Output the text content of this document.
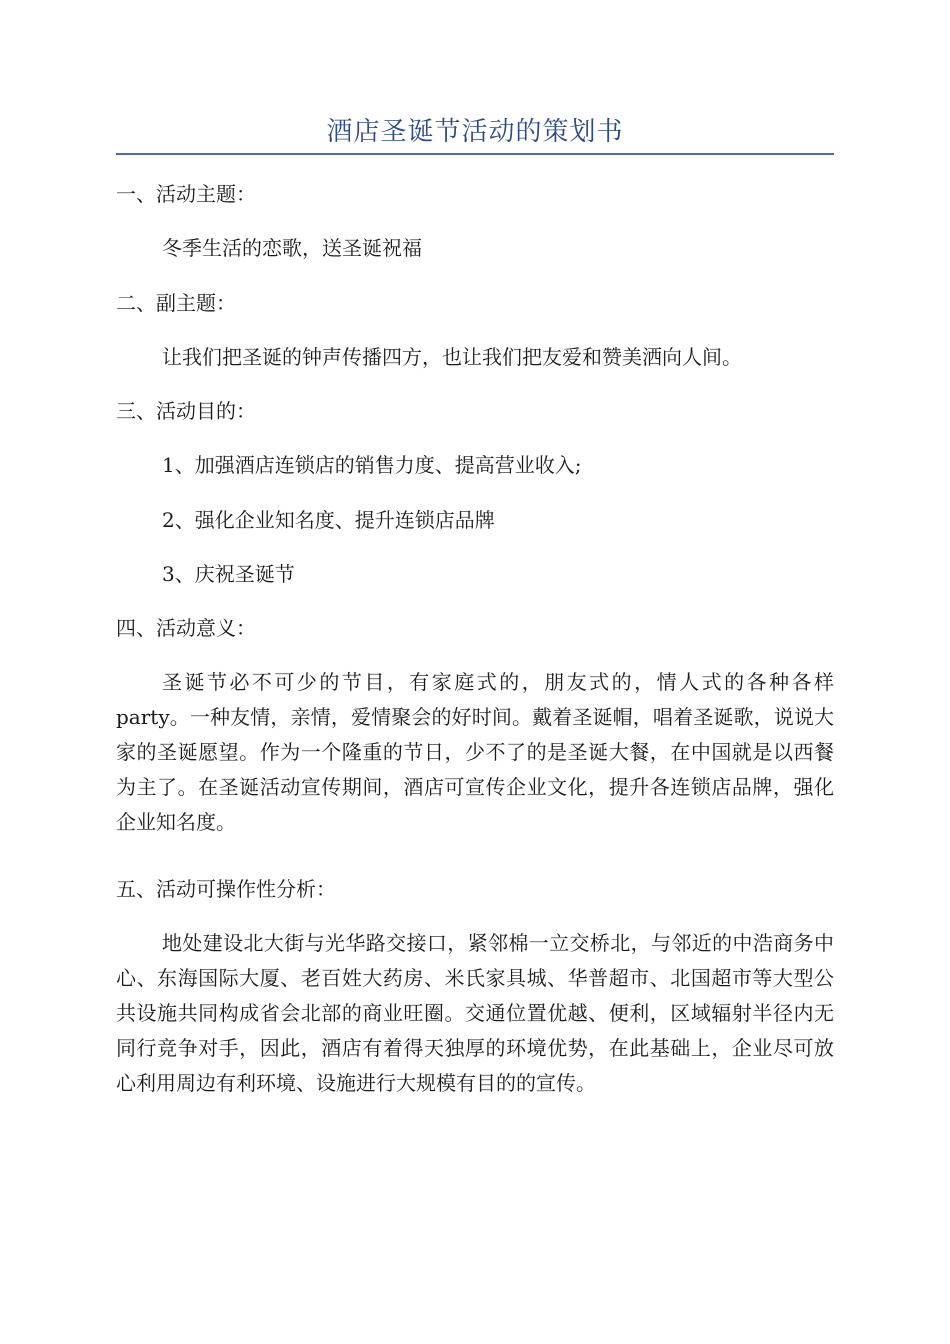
酒店圣诞节活动的策划书
一、活动主题：
冬季生活的恋歌，送圣诞祝福
二、副主题：
让我们把圣诞的钟声传播四方，也让我们把友爱和赞美洒向人间。
三、活动目的：
1、加强酒店连锁店的销售力度、提高营业收入;
2、强化企业知名度、提升连锁店品牌
3、庆祝圣诞节
四、活动意义：
圣诞节必不可少的节目，有家庭式的，朋友式的，情人式的各种各样party。一种友情，亲情，爱情聚会的好时间。戴着圣诞帽，唱着圣诞歌，说说大家的圣诞愿望。作为一个隆重的节日，少不了的是圣诞大餐，在中国就是以西餐为主了。在圣诞活动宣传期间，酒店可宣传企业文化，提升各连锁店品牌，强化企业知名度。
五、活动可操作性分析：
地处建设北大街与光华路交接口，紧邻棉一立交桥北，与邻近的中浩商务中心、东海国际大厦、老百姓大药房、米氏家具城、华普超市、北国超市等大型公共设施共同构成省会北部的商业旺圈。交通位置优越、便利，区域辐射半径内无同行竞争对手，因此，酒店有着得天独厚的环境优势，在此基础上，企业尽可放心利用周边有利环境、设施进行大规模有目的的宣传。
